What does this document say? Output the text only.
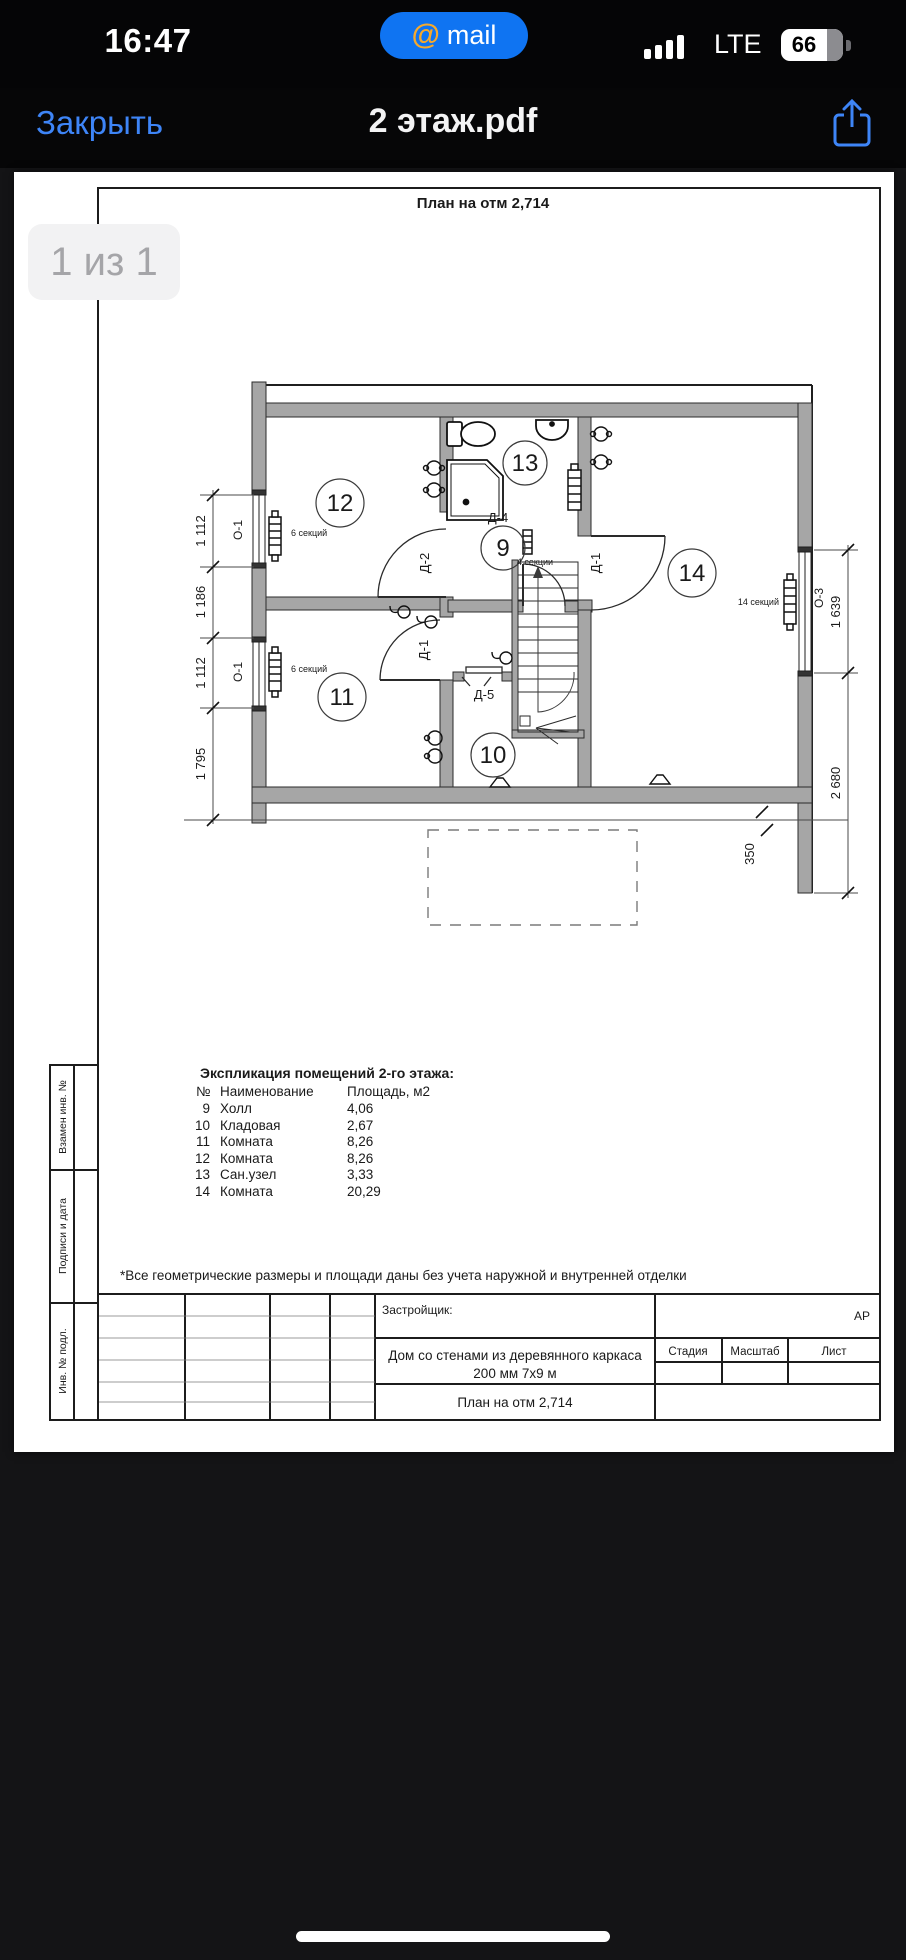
16:47	@ mail	LTE	66
Закрыть	2 этаж.pdf
План на отм 2,714
12
13
9
14
11
10
Д-2
Д-1
Д-1
Д-4
Д-5
О-1
О-1
О-3
6 секций
6 секций
4 секции
14 секций
1 112
1 186
1 112
1 795
1 639
2 680
350
Экспликация помещений 2-го этажа:
№ Наименование Площадь, м2
9 Холл	4,06
10 Кладовая	2,67
11 Комната	8,26
12 Комната	8,26
13 Сан.узел	3,33
14 Комната	20,29
*Все геометрические размеры и площади даны без учета наружной и внутренней отделки
Застройщик:
Дом со стенами из деревянного каркаса
200 мм 7х9 м
План на отм 2,714
АР
Стадия Масштаб	Лист
Взамен инв. №
Подписи и дата
Инв. № подл.
1 из 1
